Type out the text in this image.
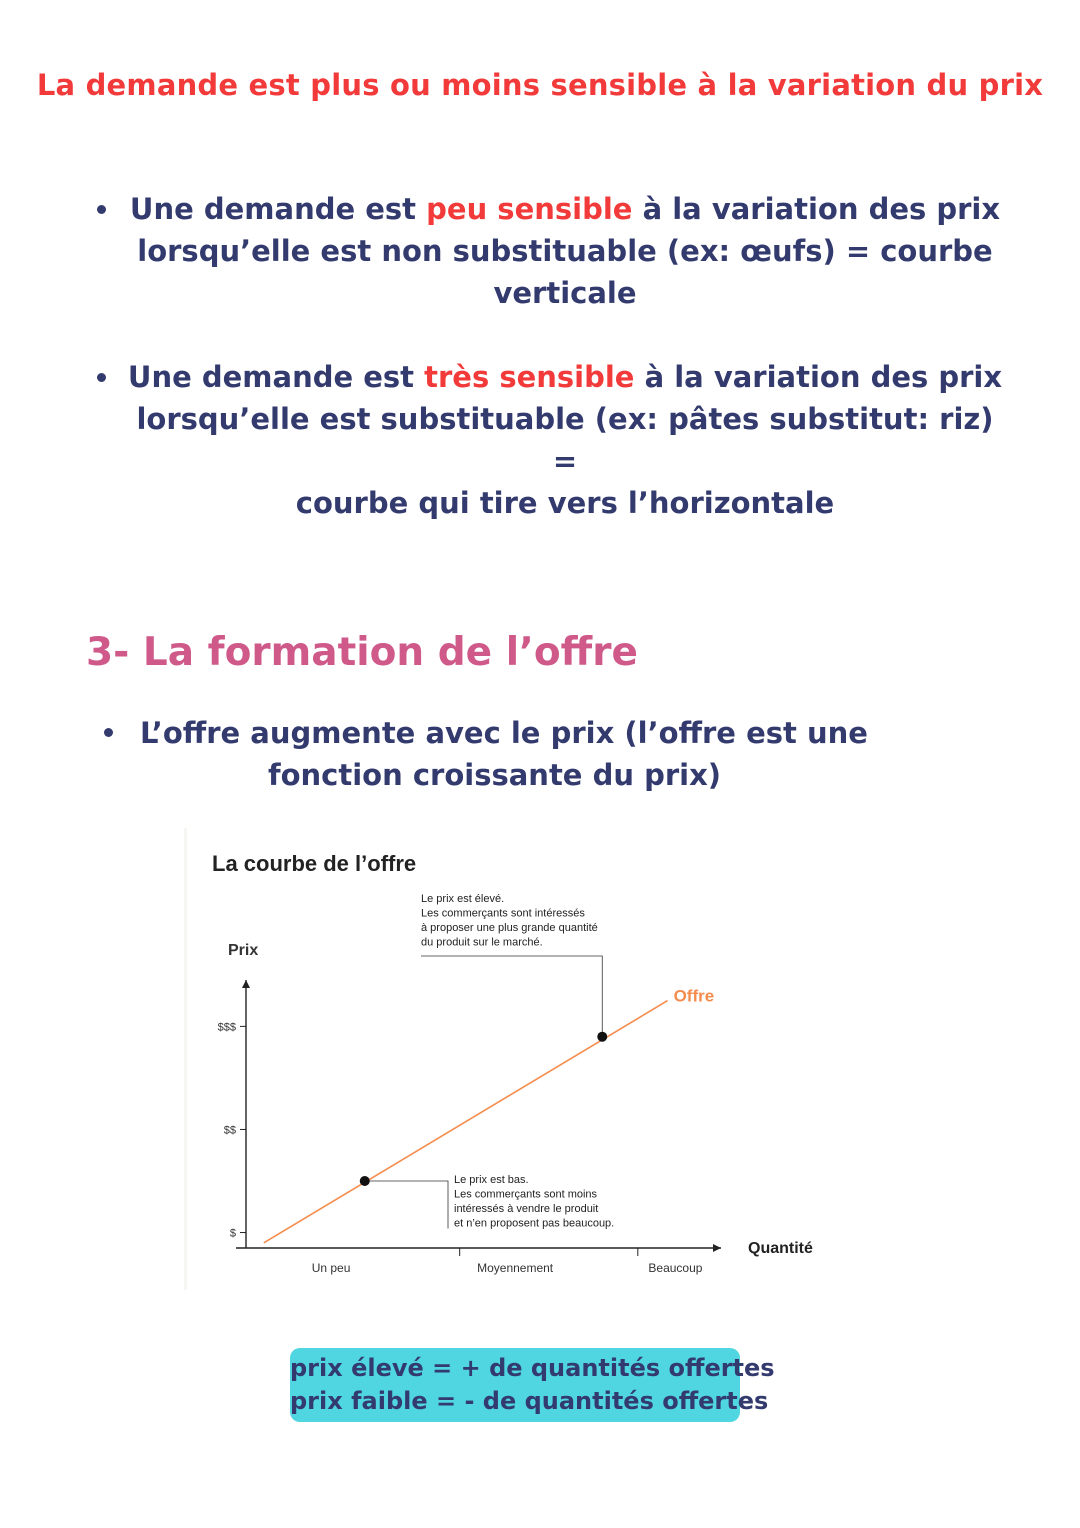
La demande est plus ou moins sensible à la variation du prix
Une demande est peu sensible à la variation des prix
lorsqu’elle est non substituable (ex: œufs) = courbe
verticale
Une demande est très sensible à la variation des prix
lorsqu’elle est substituable (ex: pâtes substitut: riz) =
courbe qui tire vers l’horizontale
3- La formation de l’offre
L’offre augmente avec le prix (l’offre est une
fonction croissante du prix)
La courbe de l’offre
Prix
Quantité
$
$$
$$$
Un peu	Moyennement	Beaucoup
Offre
Le prix est élevé.
Les commerçants sont intéressés
à proposer une plus grande quantité
du produit sur le marché.
Le prix est bas.
Les commerçants sont moins
intéressés à vendre le produit
et n’en proposent pas beaucoup.
prix élevé = + de quantités offertes
prix faible = - de quantités offertes
